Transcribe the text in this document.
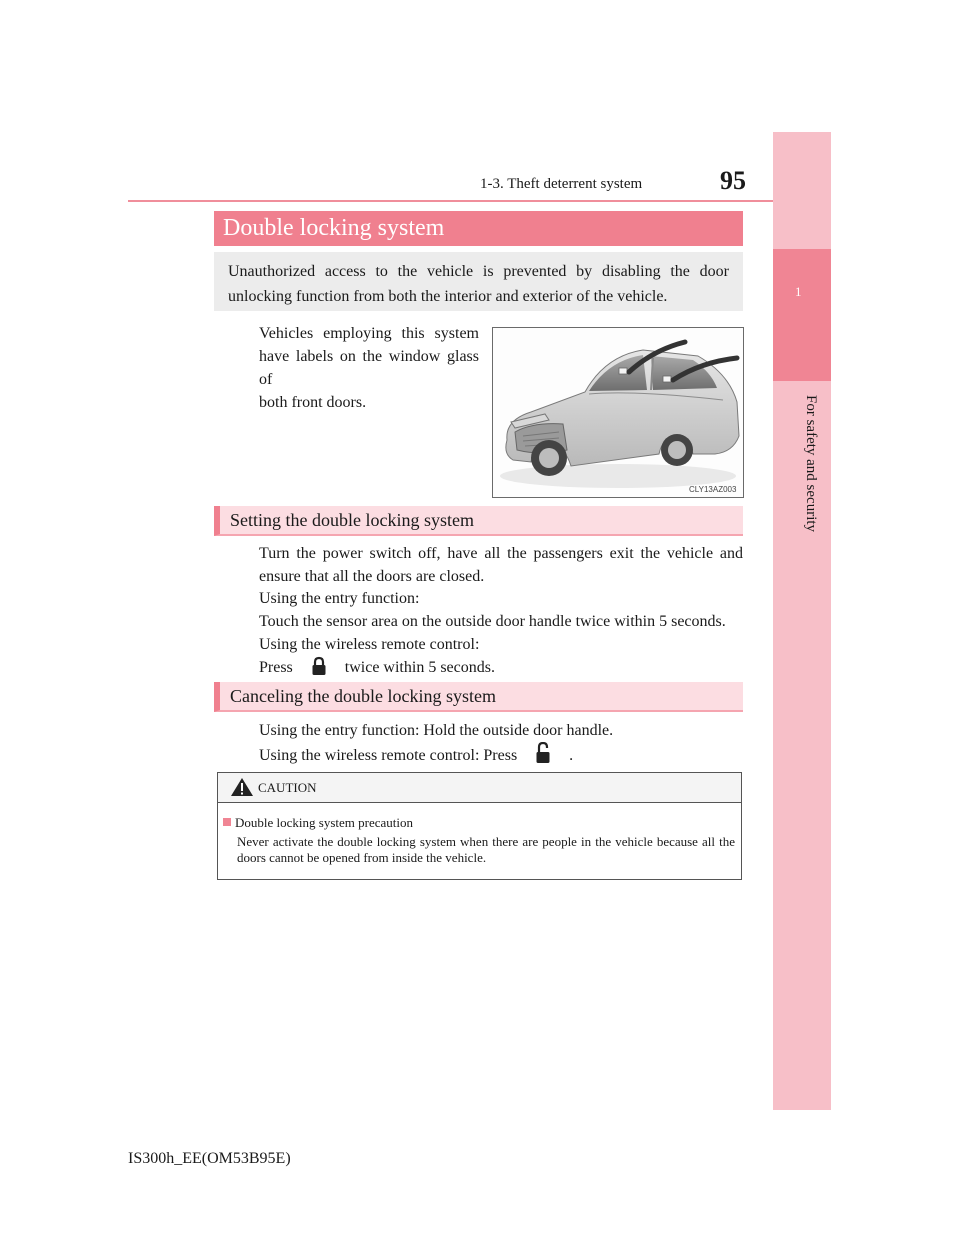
1-3. Theft deterrent system	95
1
For safety and security
Double locking system
Unauthorized access to the vehicle is prevented by disabling the door unlocking function from both the interior and exterior of the vehicle.
Vehicles employing this system
have labels on the window glass of
both front doors.
CLY13AZ003
Setting the double locking system
Turn the power switch off, have all the passengers exit the vehicle and
ensure that all the doors are closed.
Using the entry function:
Touch the sensor area on the outside door handle twice within 5 seconds.
Using the wireless remote control:
Press	twice within 5 seconds.
Canceling the double locking system
Using the entry function: Hold the outside door handle.
Using the wireless remote control: Press	.
CAUTION
Double locking system precaution
Never activate the double locking system when there are people in the vehicle because all the doors cannot be opened from inside the vehicle.
IS300h_EE(OM53B95E)
